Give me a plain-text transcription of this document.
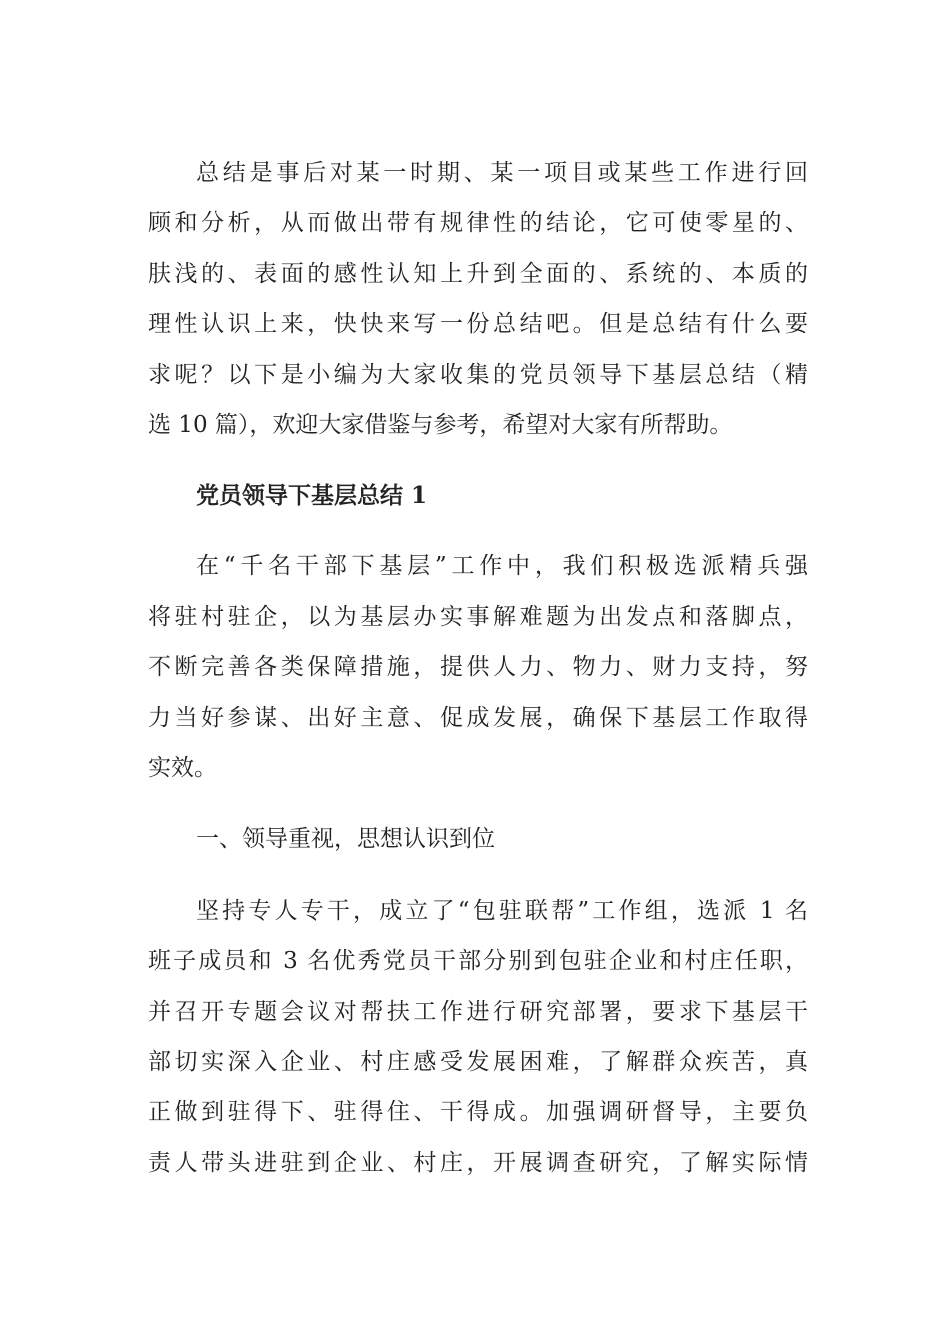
总结是事后对某一时期、某一项目或某些工作进行回
顾和分析，从而做出带有规律性的结论，它可使零星的、
肤浅的、表面的感性认知上升到全面的、系统的、本质的
理性认识上来，快快来写一份总结吧。但是总结有什么要
求呢？以下是小编为大家收集的党员领导下基层总结（精
选 10 篇），欢迎大家借鉴与参考，希望对大家有所帮助。
党员领导下基层总结 1
在“千名干部下基层”工作中，我们积极选派精兵强
将驻村驻企，以为基层办实事解难题为出发点和落脚点，
不断完善各类保障措施，提供人力、物力、财力支持，努
力当好参谋、出好主意、促成发展，确保下基层工作取得
实效。
一、领导重视，思想认识到位
坚持专人专干，成立了“包驻联帮”工作组，选派 1 名
班子成员和 3 名优秀党员干部分别到包驻企业和村庄任职，
并召开专题会议对帮扶工作进行研究部署，要求下基层干
部切实深入企业、村庄感受发展困难，了解群众疾苦，真
正做到驻得下、驻得住、干得成。加强调研督导，主要负
责人带头进驻到企业、村庄，开展调查研究，了解实际情
